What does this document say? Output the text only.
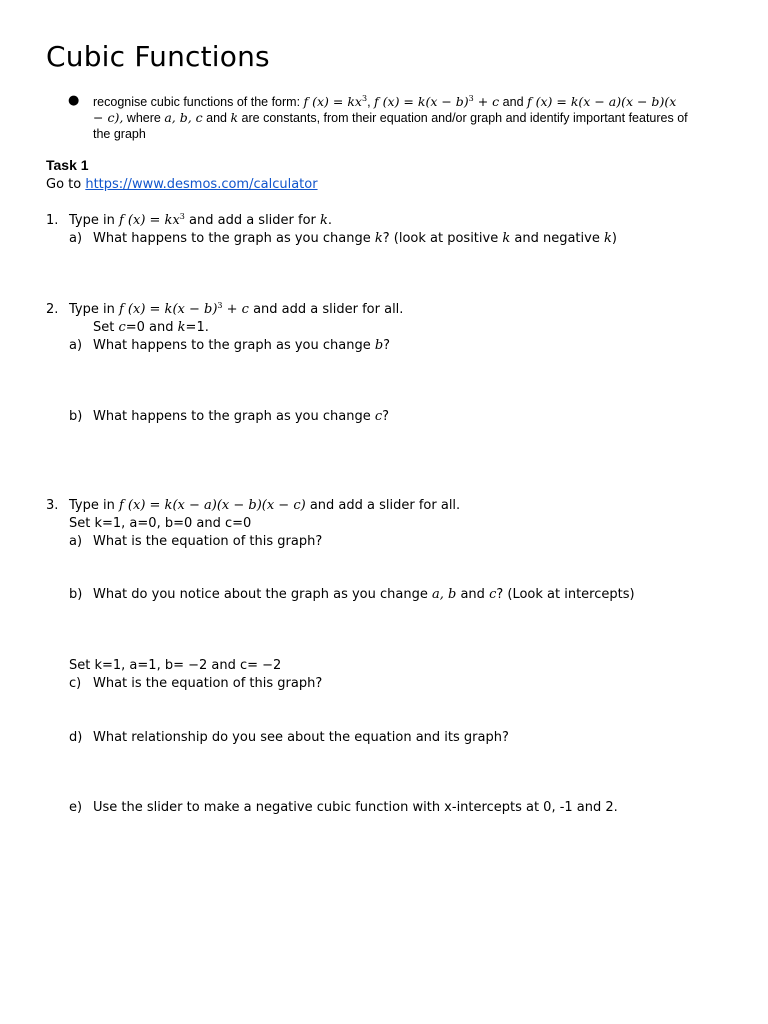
Cubic Functions
● recognise cubic functions of the form: f $(x) = kx^3$, f $(x) = k(x - b)^3 + c$ and f (x) = k(x − a)(x − b)(x
− c), where a, b, c and k are constants, from their equation and/or graph and identify important features of
the graph
Task 1
Go to https://www.desmos.com/calculator
1. Type in f $(x) = kx^3$ and add a slider for k.
a) What happens to the graph as you change k? (look at positive k and negative k)
2. Type in f $(x) = k(x - b)^3 + c$ and add a slider for all.
Set c=0 and k=1.
a) What happens to the graph as you change b?
b) What happens to the graph as you change c?
3. Type in f (x) = k(x − a)(x − b)(x − c) and add a slider for all.
Set k=1, a=0, b=0 and c=0
a) What is the equation of this graph?
b) What do you notice about the graph as you change a, b and c? (Look at intercepts)
Set k=1, a=1, b= −2 and c= −2
c) What is the equation of this graph?
d) What relationship do you see about the equation and its graph?
e) Use the slider to make a negative cubic function with x-intercepts at 0, -1 and 2.
